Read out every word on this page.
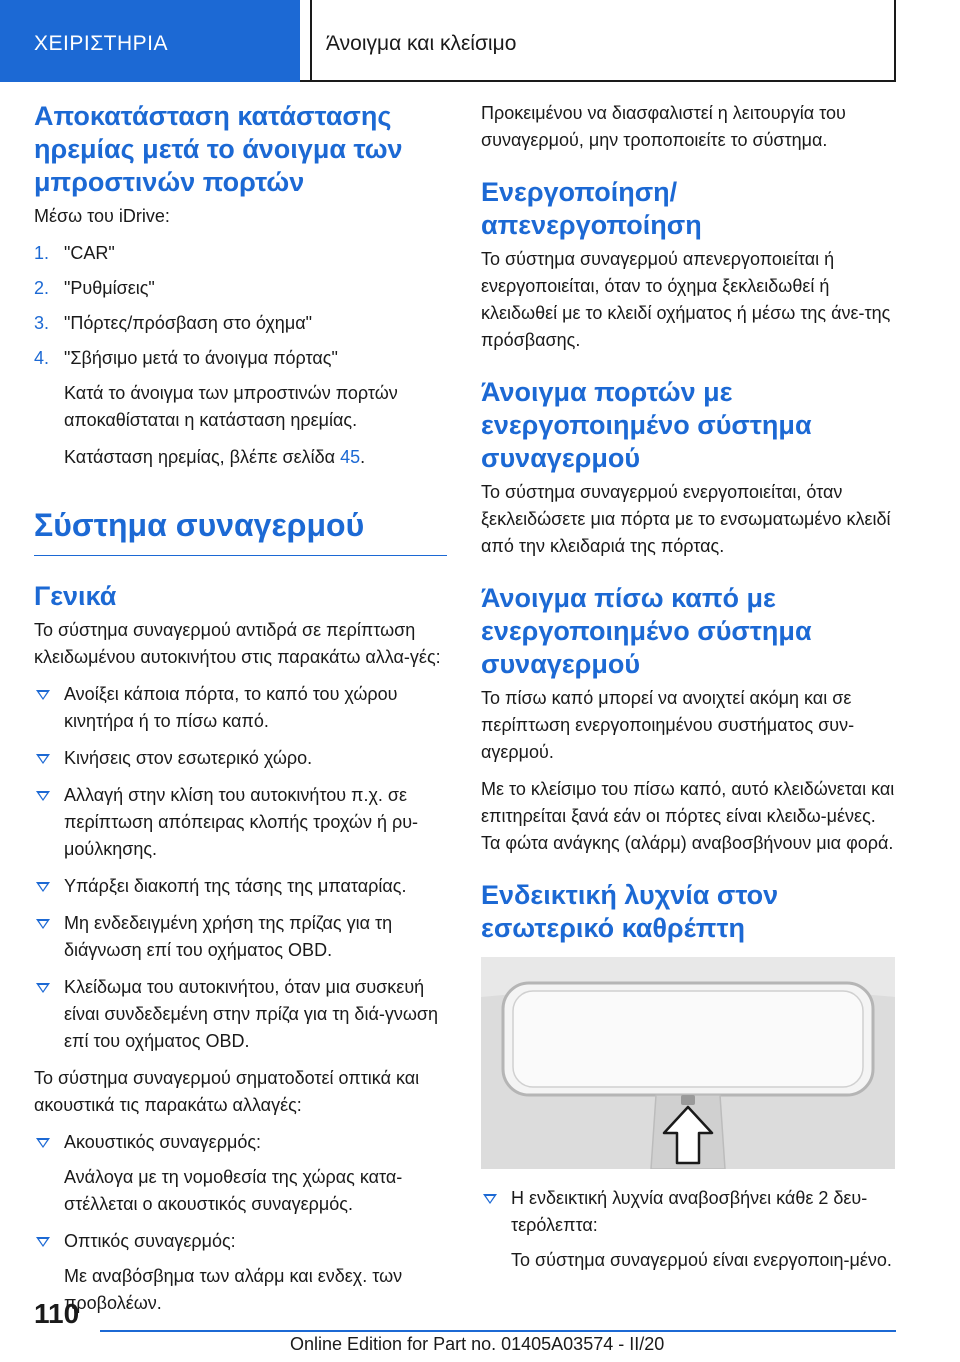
ΧΕΙΡΙΣΤΗΡΙΑ	Άνοιγμα και κλείσιμο
Αποκατάσταση κατάστασης ηρεμίας μετά το άνοιγμα των μπροστινών πορτών

Μέσω του iDrive:

1. "CAR"
2. "Ρυθμίσεις"
3. "Πόρτες/πρόσβαση στο όχημα"
4. "Σβήσιμο μετά το άνοιγμα πόρτας"

Κατά το άνοιγμα των μπροστινών πορτών αποκαθίσταται η κατάσταση ηρεμίας.

Κατάσταση ηρεμίας, βλέπε σελίδα 45.

Σύστημα συναγερμού
Γενικά

Το σύστημα συναγερμού αντιδρά σε περίπτωση κλειδωμένου αυτοκινήτου στις παρακάτω αλλα‐γές:

Ανοίξει κάποια πόρτα, το καπό του χώρου κινητήρα ή το πίσω καπό.
Κινήσεις στον εσωτερικό χώρο.
Αλλαγή στην κλίση του αυτοκινήτου π.χ. σε περίπτωση απόπειρας κλοπής τροχών ή ρυ‐μούλκησης.
Υπάρξει διακοπή της τάσης της μπαταρίας.
Μη ενδεδειγμένη χρήση της πρίζας για τη διάγνωση επί του οχήματος OBD.
Κλείδωμα του αυτοκινήτου, όταν μια συσκευή είναι συνδεδεμένη στην πρίζα για τη διά‐γνωση επί του οχήματος OBD.

Το σύστημα συναγερμού σηματοδοτεί οπτικά και ακουστικά τις παρακάτω αλλαγές:

Ακουστικός συναγερμός:
Ανάλογα με τη νομοθεσία της χώρας κατα‐στέλλεται ο ακουστικός συναγερμός.
Οπτικός συναγερμός:
Με αναβόσβημα των αλάρμ και ενδεχ. των προβολέων.

Προκειμένου να διασφαλιστεί η λειτουργία του συναγερμού, μην τροποποιείτε το σύστημα.

Ενεργοποίηση/απενεργοποίηση

Το σύστημα συναγερμού απενεργοποιείται ή ενεργοποιείται, όταν το όχημα ξεκλειδωθεί ή κλειδωθεί με το κλειδί οχήματος ή μέσω της άνε‐της πρόσβασης.

Άνοιγμα πορτών με ενεργοποιημένο σύστημα συναγερμού

Το σύστημα συναγερμού ενεργοποιείται, όταν ξεκλειδώσετε μια πόρτα με το ενσωματωμένο κλειδί από την κλειδαριά της πόρτας.

Άνοιγμα πίσω καπό με ενεργοποιημένο σύστημα συναγερμού

Το πίσω καπό μπορεί να ανοιχτεί ακόμη και σε περίπτωση ενεργοποιημένου συστήματος συν‐αγερμού.

Με το κλείσιμο του πίσω καπό, αυτό κλειδώνεται και επιτηρείται ξανά εάν οι πόρτες είναι κλειδω‐μένες. Τα φώτα ανάγκης (αλάρμ) αναβοσβήνουν μια φορά.

Ενδεικτική λυχνία στον εσωτερικό καθρέπτη
Η ενδεικτική λυχνία αναβοσβήνει κάθε 2 δευ‐τερόλεπτα:
Το σύστημα συναγερμού είναι ενεργοποιη‐μένο.
110
Online Edition for Part no. 01405A03574 - II/20
